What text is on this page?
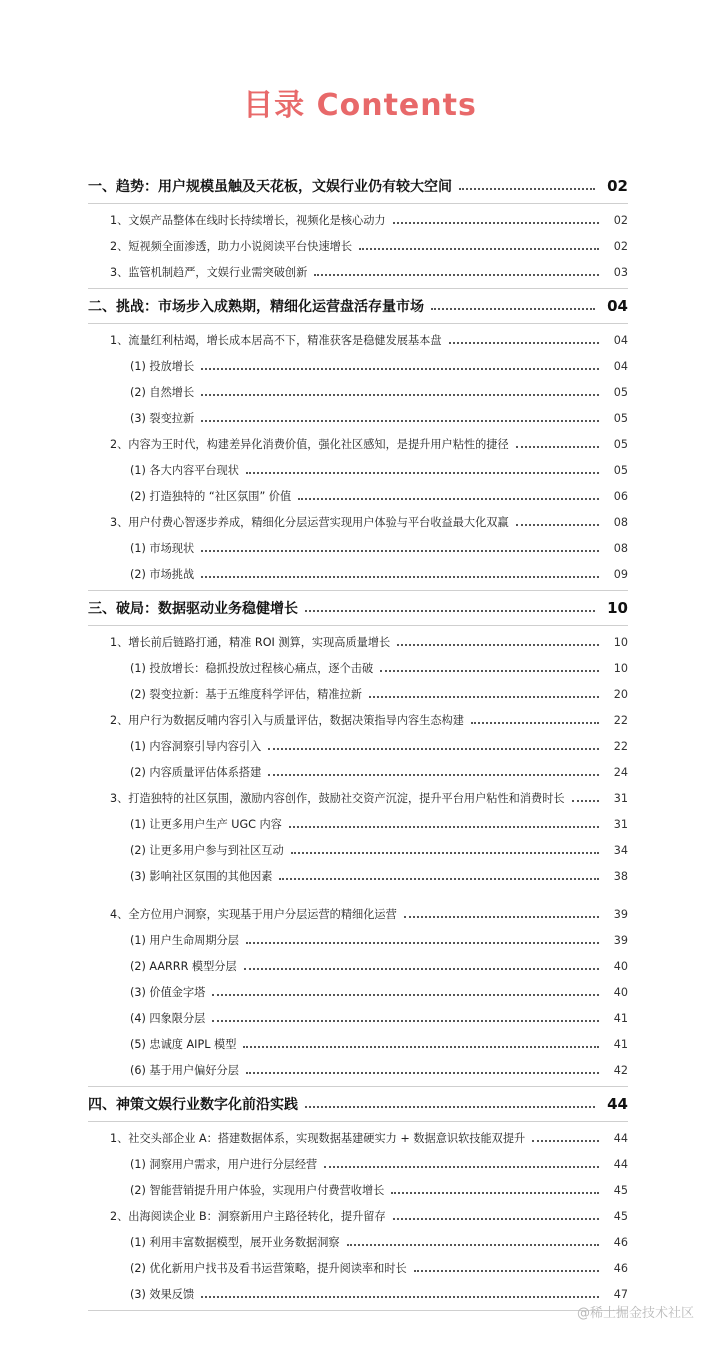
目录 Contents
一、趋势：用户规模虽触及天花板，文娱行业仍有较大空间	02
1、文娱产品整体在线时长持续增长，视频化是核心动力	02
2、短视频全面渗透，助力小说阅读平台快速增长	02
3、监管机制趋严，文娱行业需突破创新	03
二、挑战：市场步入成熟期，精细化运营盘活存量市场	04
1、流量红利枯竭，增长成本居高不下，精准获客是稳健发展基本盘	04
(1) 投放增长	04
(2) 自然增长	05
(3) 裂变拉新	05
2、内容为王时代，构建差异化消费价值，强化社区感知，是提升用户粘性的捷径	05
(1) 各大内容平台现状	05
(2) 打造独特的 “社区氛围” 价值	06
3、用户付费心智逐步养成，精细化分层运营实现用户体验与平台收益最大化双赢	08
(1) 市场现状	08
(2) 市场挑战	09
三、破局：数据驱动业务稳健增长	10
1、增长前后链路打通，精准 ROI 测算，实现高质量增长	10
(1) 投放增长：稳抓投放过程核心痛点，逐个击破	10
(2) 裂变拉新：基于五维度科学评估，精准拉新	20
2、用户行为数据反哺内容引入与质量评估，数据决策指导内容生态构建	22
(1) 内容洞察引导内容引入	22
(2) 内容质量评估体系搭建	24
3、打造独特的社区氛围，激励内容创作，鼓励社交资产沉淀，提升平台用户粘性和消费时长	31
(1) 让更多用户生产 UGC 内容	31
(2) 让更多用户参与到社区互动	34
(3) 影响社区氛围的其他因素	38
4、全方位用户洞察，实现基于用户分层运营的精细化运营	39
(1) 用户生命周期分层	39
(2) AARRR 模型分层	40
(3) 价值金字塔	40
(4) 四象限分层	41
(5) 忠诚度 AIPL 模型	41
(6) 基于用户偏好分层	42
四、神策文娱行业数字化前沿实践	44
1、社交头部企业 A：搭建数据体系，实现数据基建硬实力 + 数据意识软技能双提升	44
(1) 洞察用户需求，用户进行分层经营	44
(2) 智能营销提升用户体验，实现用户付费营收增长	45
2、出海阅读企业 B：洞察新用户主路径转化，提升留存	45
(1) 利用丰富数据模型，展开业务数据洞察	46
(2) 优化新用户找书及看书运营策略，提升阅读率和时长	46
(3) 效果反馈	47
@稀土掘金技术社区
